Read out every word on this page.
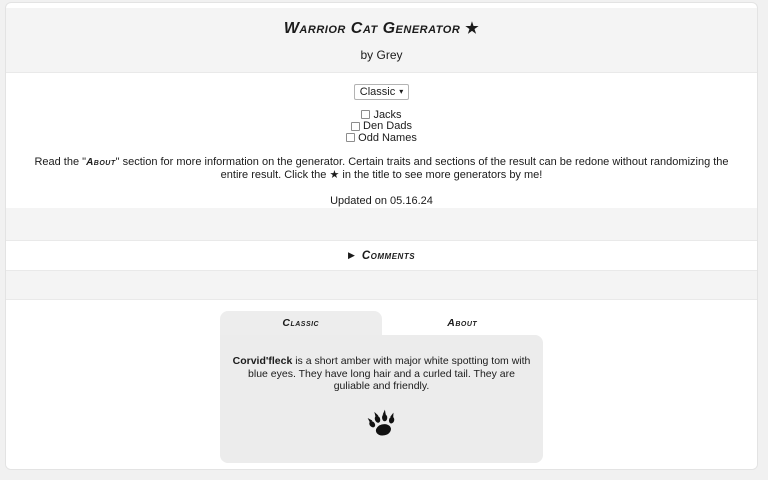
Warrior Cat Generator ★
by Grey
Classic ▾
Jacks
Den Dads
Odd Names

Read the "About" section for more information on the generator. Certain traits and sections of the result can be redone without randomizing the entire result. Click the ★ in the title to see more generators by me!

Updated on 05.16.24
▶ Comments
Classic	About

Corvid'fleck is a short amber with major white spotting tom with blue eyes. They have long hair and a curled tail. They are guliable and friendly.
